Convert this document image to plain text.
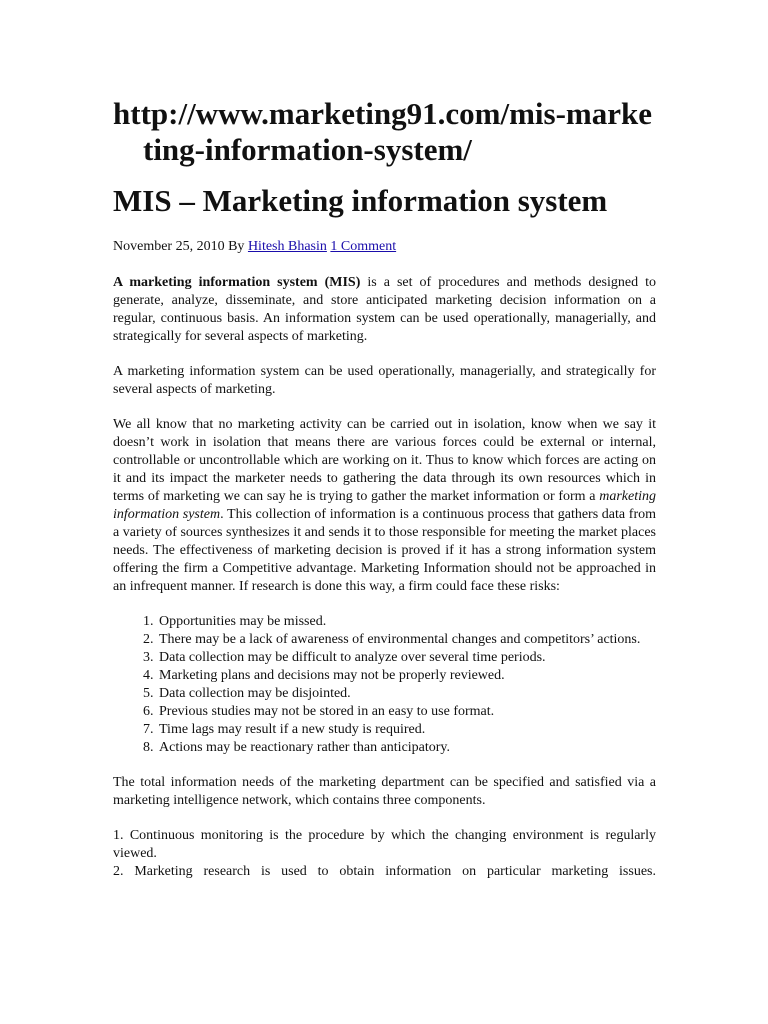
http://www.marketing91.com/mis-marketing-information-system/
MIS – Marketing information system

November 25, 2010 By Hitesh Bhasin 1 Comment

A marketing information system (MIS) is a set of procedures and methods designed to generate, analyze, disseminate, and store anticipated marketing decision information on a regular, continuous basis. An information system can be used operationally, managerially, and strategically for several aspects of marketing.

A marketing information system can be used operationally, managerially, and strategically for several aspects of marketing.

We all know that no marketing activity can be carried out in isolation, know when we say it doesn’t work in isolation that means there are various forces could be external or internal, controllable or uncontrollable which are working on it. Thus to know which forces are acting on it and its impact the marketer needs to gathering the data through its own resources which in terms of marketing we can say he is trying to gather the market information or form a marketing information system. This collection of information is a continuous process that gathers data from a variety of sources synthesizes it and sends it to those responsible for meeting the market places needs. The effectiveness of marketing decision is proved if it has a strong information system offering the firm a Competitive advantage. Marketing Information should not be approached in an infrequent manner. If research is done this way, a firm could face these risks:

1. Opportunities may be missed.
2. There may be a lack of awareness of environmental changes and competitors’ actions.
3. Data collection may be difficult to analyze over several time periods.
4. Marketing plans and decisions may not be properly reviewed.
5. Data collection may be disjointed.
6. Previous studies may not be stored in an easy to use format.
7. Time lags may result if a new study is required.
8. Actions may be reactionary rather than anticipatory.

The total information needs of the marketing department can be specified and satisfied via a marketing intelligence network, which contains three components.

1. Continuous monitoring is the procedure by which the changing environment is regularly viewed.
2. Marketing research is used to obtain information on particular marketing issues.
